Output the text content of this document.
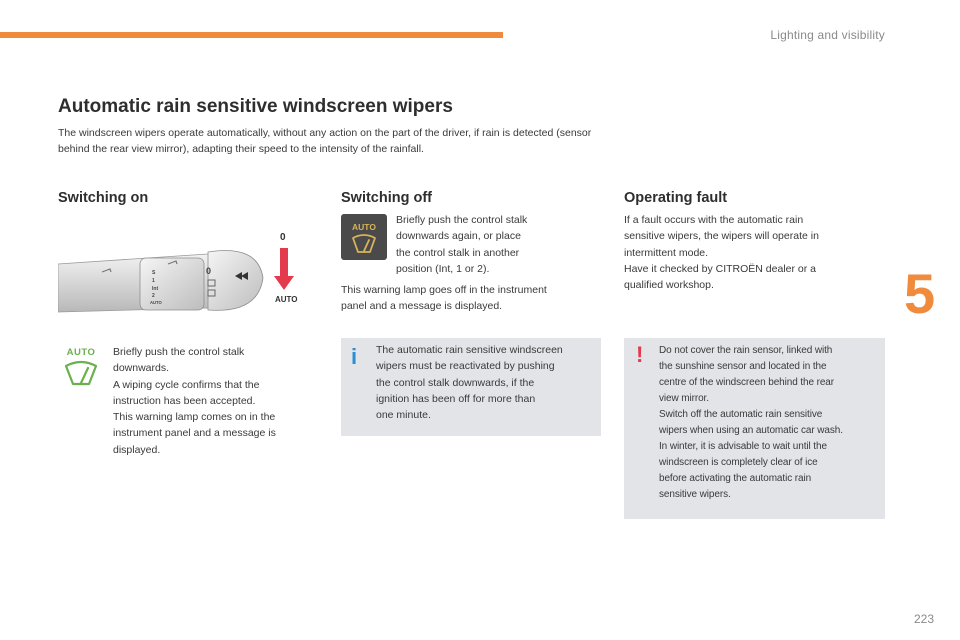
Lighting and visibility
5
Automatic rain sensitive windscreen wipers

The windscreen wipers operate automatically, without any action on the part of the driver, if rain is detected (sensor behind the rear view mirror), adapting their speed to the intensity of the rainfall.

Switching on
S
1
Int
2
AUTO
0
0
AUTO
AUTO	Briefly push the control stalk

downwards.

A wiping cycle confirms that the

instruction has been accepted.

This warning lamp comes on in the

instrument panel and a message is

displayed.

Switching off
AUTO

Briefly push the control stalk

downwards again, or place

the control stalk in another

position (Int, 1 or 2).

This warning lamp goes off in the instrument

panel and a message is displayed.

i The automatic rain sensitive windscreen

wipers must be reactivated by pushing

the control stalk downwards, if the

ignition has been off for more than

one minute.

Operating fault

If a fault occurs with the automatic rain

sensitive wipers, the wipers will operate in

intermittent mode.

Have it checked by CITROËN dealer or a

qualified workshop.

! Do not cover the rain sensor, linked with

the sunshine sensor and located in the

centre of the windscreen behind the rear

view mirror.

Switch off the automatic rain sensitive

wipers when using an automatic car wash.

In winter, it is advisable to wait until the

windscreen is completely clear of ice

before activating the automatic rain

sensitive wipers.

223
